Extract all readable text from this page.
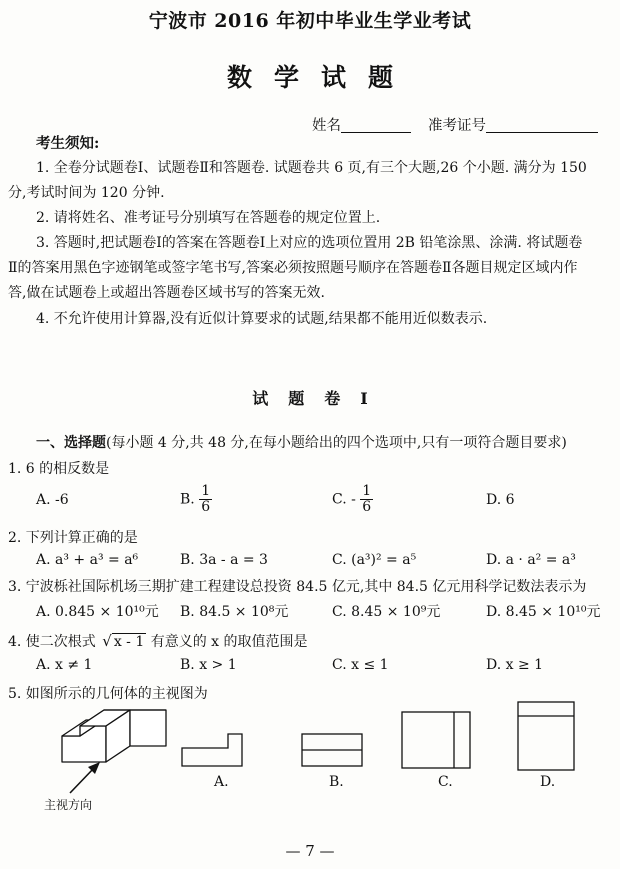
宁波市 2016 年初中毕业生学业考试
数学试题
姓名	准考证号
考生须知:
1. 全卷分试题卷Ⅰ、试题卷Ⅱ和答题卷. 试题卷共 6 页,有三个大题,26 个小题. 满分为 150
分,考试时间为 120 分钟.
2. 请将姓名、准考证号分别填写在答题卷的规定位置上.
3. 答题时,把试题卷Ⅰ的答案在答题卷Ⅰ上对应的选项位置用 2B 铅笔涂黑、涂满. 将试题卷
Ⅱ的答案用黑色字迹钢笔或签字笔书写,答案必须按照题号顺序在答题卷Ⅱ各题目规定区域内作
答,做在试题卷上或超出答题卷区域书写的答案无效.
4. 不允许使用计算器,没有近似计算要求的试题,结果都不能用近似数表示.
试题卷Ⅰ
一、选择题(每小题 4 分,共 48 分,在每小题给出的四个选项中,只有一项符合题目要求)
1. 6 的相反数是
A. -6	B. $\frac{1}{6}$	C. - $\frac{1}{6}$	D. 6
2. 下列计算正确的是
A. a³ + a³ = a⁶	B. 3a - a = 3	C. (a³)² = a⁵	D. a · a² = a³
3. 宁波栎社国际机场三期扩建工程建设总投资 84.5 亿元,其中 84.5 亿元用科学记数法表示为
A. 0.845 × 10¹⁰元 B. 84.5 × 10⁸元	C. 8.45 × 10⁹元	D. 8.45 × 10¹⁰元
4. 使二次根式 √ x - 1 有意义的 x 的取值范围是
A. x ≠ 1	B. x > 1	C. x ≤ 1	D. x ≥ 1
5. 如图所示的几何体的主视图为
主视方向
A.	B.	C.	D.
— 7 —
